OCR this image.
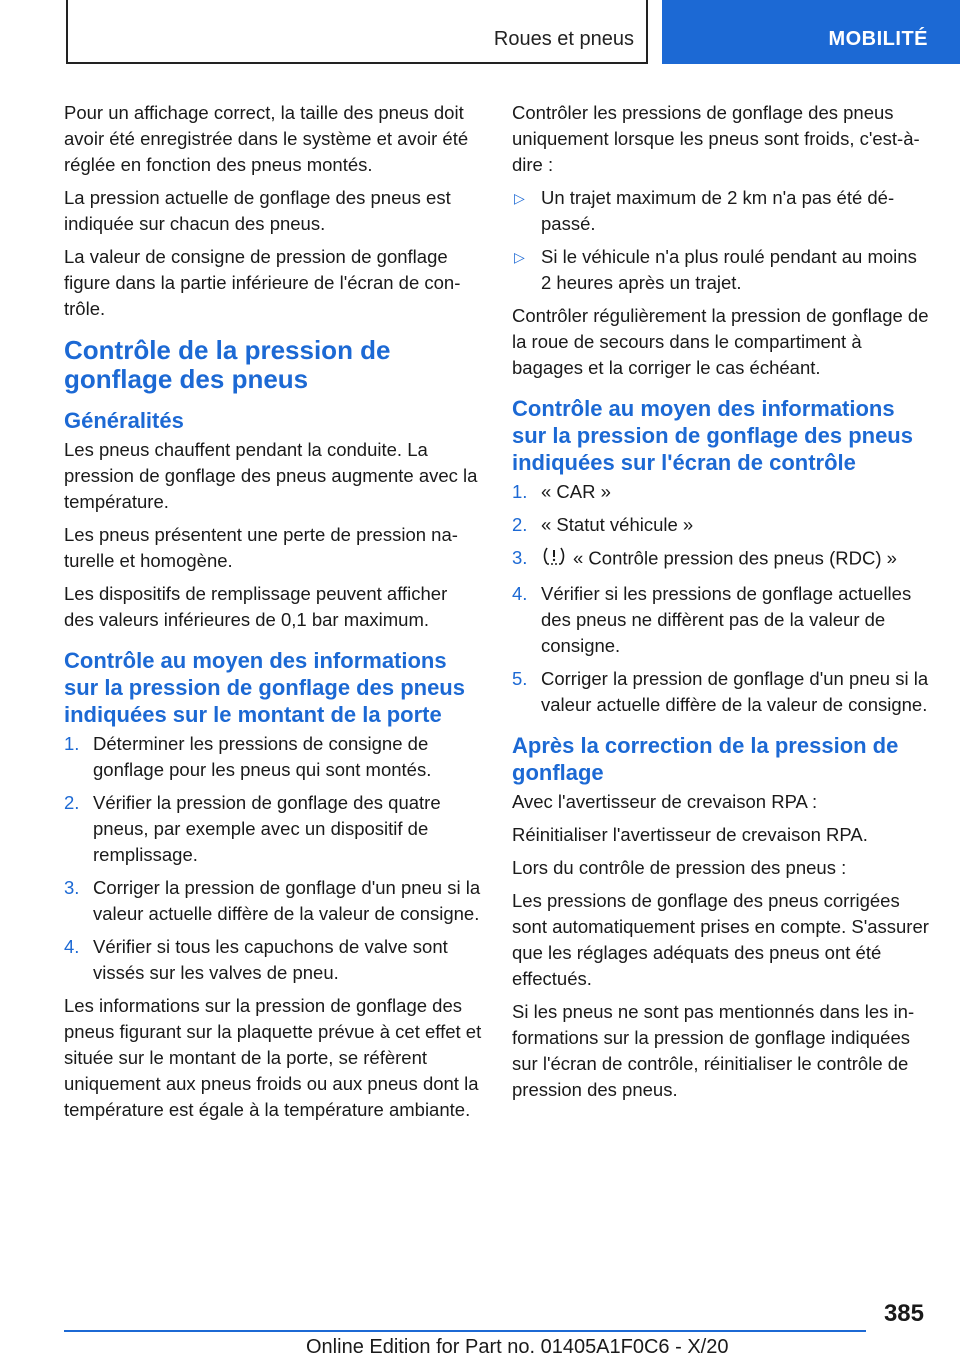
Roues et pneus	MOBILITÉ

Pour un affichage correct, la taille des pneus doit avoir été enregistrée dans le système et avoir été réglée en fonction des pneus montés.

La pression actuelle de gonflage des pneus est indiquée sur chacun des pneus.

La valeur de consigne de pression de gonflage figure dans la partie inférieure de l'écran de contrôle.

Contrôle de la pression de gonflage des pneus
Généralités

Les pneus chauffent pendant la conduite. La pression de gonflage des pneus augmente avec la température.

Les pneus présentent une perte de pression naturelle et homogène.

Les dispositifs de remplissage peuvent afficher des valeurs inférieures de 0,1 bar maximum.

Contrôle au moyen des informations sur la pression de gonflage des pneus indiquées sur le montant de la porte
1. Déterminer les pressions de consigne de gonflage pour les pneus qui sont montés.
2. Vérifier la pression de gonflage des quatre pneus, par exemple avec un dispositif de remplissage.
3. Corriger la pression de gonflage d'un pneu si la valeur actuelle diffère de la valeur de consigne.
4. Vérifier si tous les capuchons de valve sont vissés sur les valves de pneu.

Les informations sur la pression de gonflage des pneus figurant sur la plaquette prévue à cet effet et située sur le montant de la porte, se réfèrent uniquement aux pneus froids ou aux pneus dont la température est égale à la température ambiante.

Contrôler les pressions de gonflage des pneus uniquement lorsque les pneus sont froids, c'est-à-dire :

▷ Un trajet maximum de 2 km n'a pas été dépassé.
▷ Si le véhicule n'a plus roulé pendant au moins 2 heures après un trajet.

Contrôler régulièrement la pression de gonflage de la roue de secours dans le compartiment à bagages et la corriger le cas échéant.

Contrôle au moyen des informations sur la pression de gonflage des pneus indiquées sur l'écran de contrôle
1. « CAR »
2. « Statut véhicule »
3. « Contrôle pression des pneus (RDC) »
4. Vérifier si les pressions de gonflage actuelles des pneus ne diffèrent pas de la valeur de consigne.
5. Corriger la pression de gonflage d'un pneu si la valeur actuelle diffère de la valeur de consigne.
Après la correction de la pression de gonflage

Avec l'avertisseur de crevaison RPA :

Réinitialiser l'avertisseur de crevaison RPA.

Lors du contrôle de pression des pneus :

Les pressions de gonflage des pneus corrigées sont automatiquement prises en compte. S'assurer que les réglages adéquats des pneus ont été effectués.

Si les pneus ne sont pas mentionnés dans les informations sur la pression de gonflage indiquées sur l'écran de contrôle, réinitialiser le contrôle de pression des pneus.

385
Online Edition for Part no. 01405A1F0C6 - X/20
